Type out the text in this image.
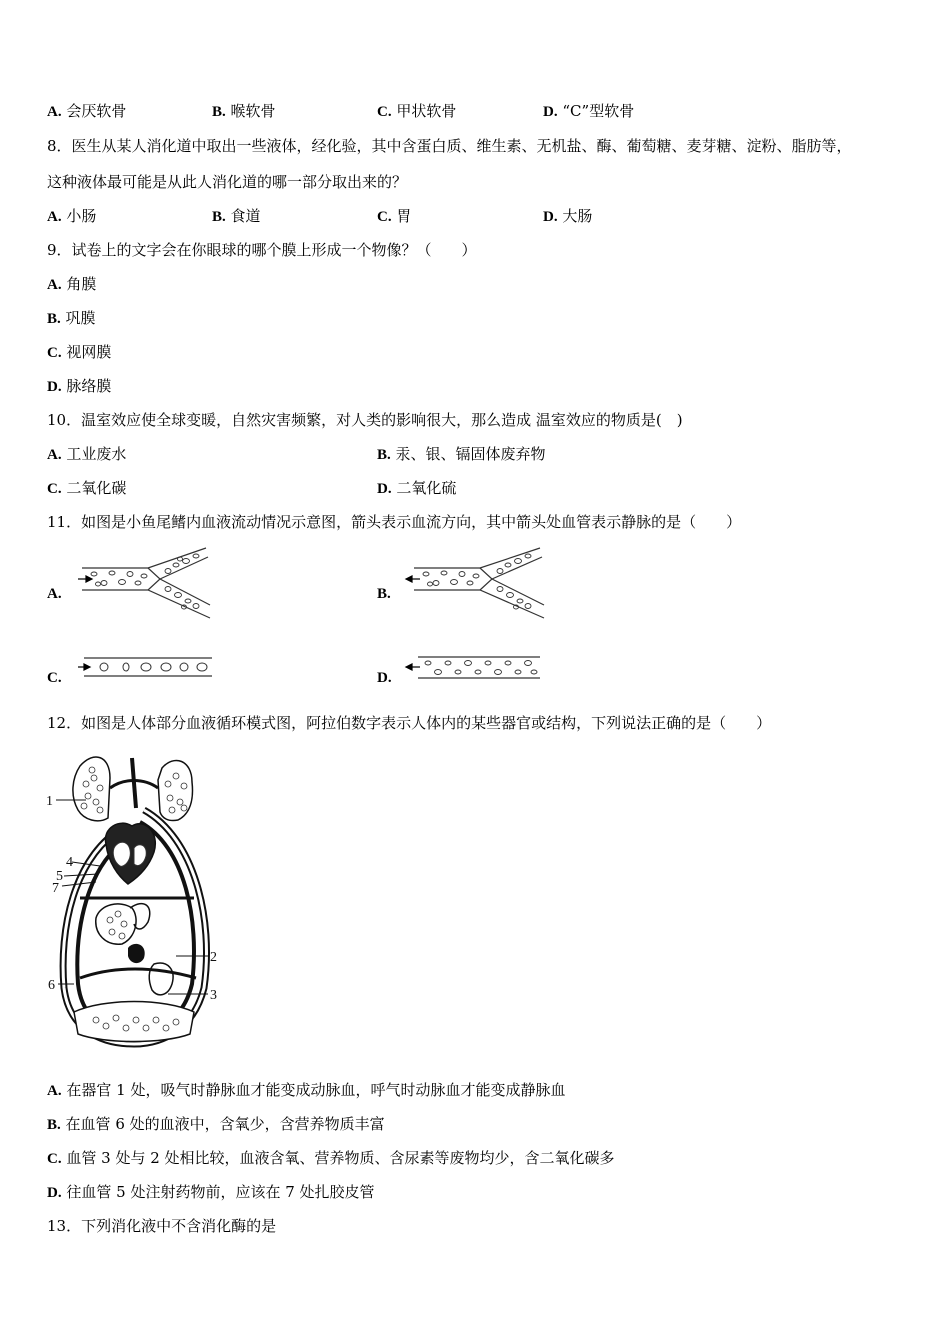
A. 会厌软骨	B. 喉软骨	C. 甲状软骨	D. “C”型软骨
8．医生从某人消化道中取出一些液体，经化验，其中含蛋白质、维生素、无机盐、酶、葡萄糖、麦芽糖、淀粉、脂肪等，
这种液体最可能是从此人消化道的哪一部分取出来的？
A. 小肠	B. 食道	C. 胃	D. 大肠
9．试卷上的文字会在你眼球的哪个膜上形成一个物像？（　　）
A. 角膜
B. 巩膜
C. 视网膜
D. 脉络膜
10．温室效应使全球变暖，自然灾害频繁，对人类的影响很大，那么造成 温室效应的物质是(　)
A. 工业废水	B. 汞、银、镉固体废弃物
C. 二氧化碳	D. 二氧化硫
11．如图是小鱼尾鳍内血液流动情况示意图，箭头表示血流方向，其中箭头处血管表示静脉的是（　　）
A.	B.
C.	D.
12．如图是人体部分血液循环模式图，阿拉伯数字表示人体内的某些器官或结构，下列说法正确的是（　　）
1
2
3
4
5
6
7
A. 在器官 1 处，吸气时静脉血才能变成动脉血，呼气时动脉血才能变成静脉血
B. 在血管 6 处的血液中，含氧少，含营养物质丰富
C. 血管 3 处与 2 处相比较，血液含氧、营养物质、含尿素等废物均少，含二氧化碳多
D. 往血管 5 处注射药物前，应该在 7 处扎胶皮管
13．下列消化液中不含消化酶的是
